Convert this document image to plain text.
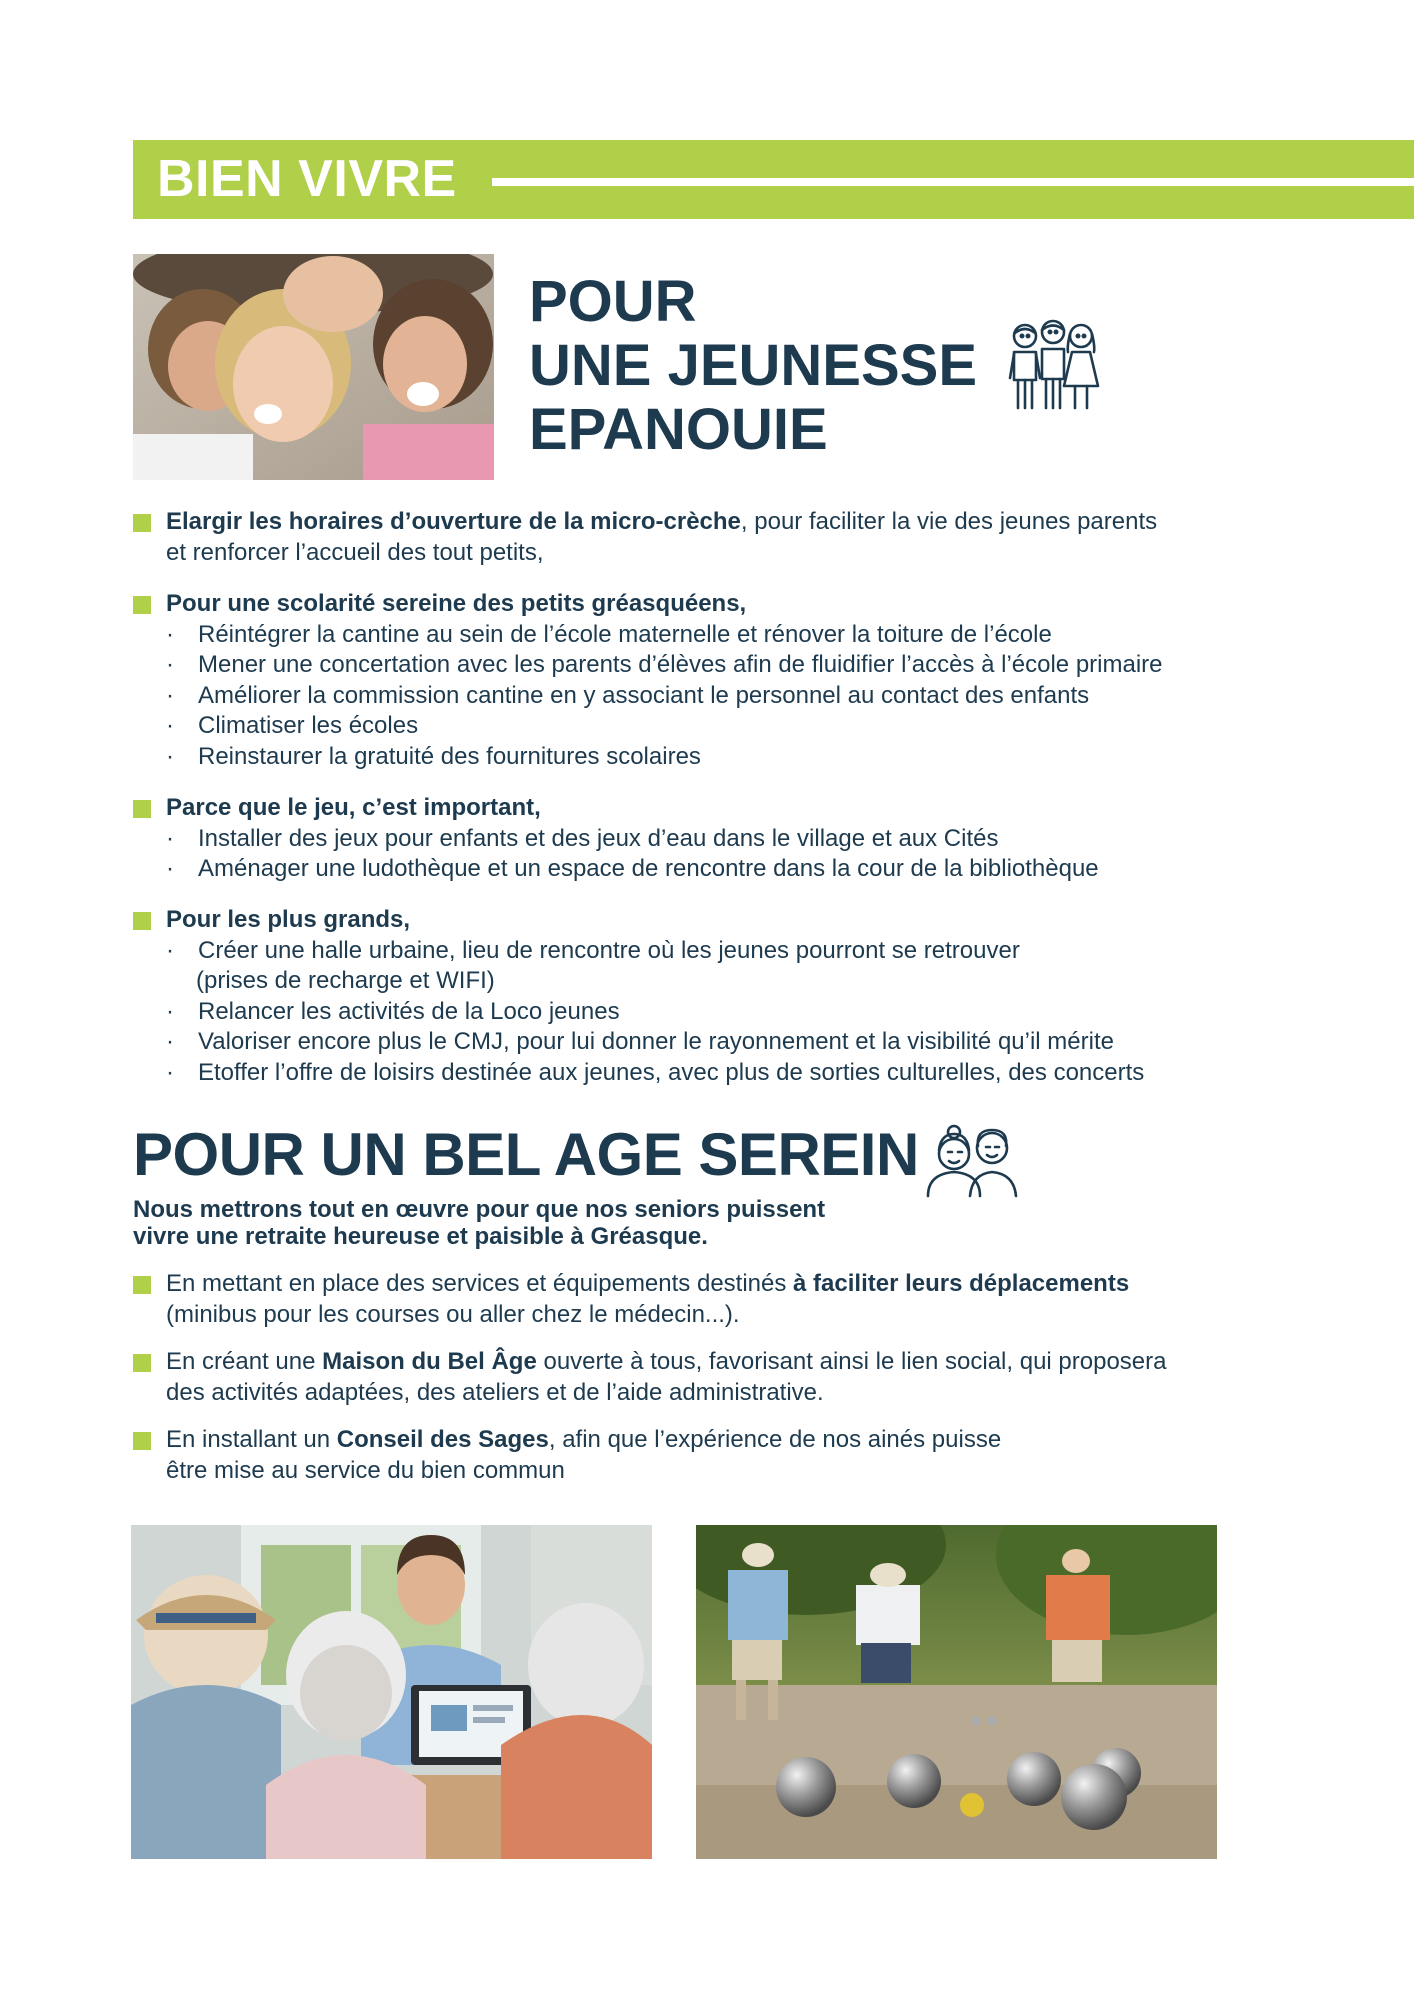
BIEN VIVRE
POUR
UNE JEUNESSE
EPANOUIE
Elargir les horaires d’ouverture de la micro-crèche, pour faciliter la vie des jeunes parents
et renforcer l’accueil des tout petits,
Pour une scolarité sereine des petits gréasquéens,
· Réintégrer la cantine au sein de l’école maternelle et rénover la toiture de l’école
· Mener une concertation avec les parents d’élèves afin de fluidifier l’accès à l’école primaire
· Améliorer la commission cantine en y associant le personnel au contact des enfants
· Climatiser les écoles
· Reinstaurer la gratuité des fournitures scolaires
Parce que le jeu, c’est important,
· Installer des jeux pour enfants et des jeux d’eau dans le village et aux Cités
· Aménager une ludothèque et un espace de rencontre dans la cour de la bibliothèque
Pour les plus grands,
· Créer une halle urbaine, lieu de rencontre où les jeunes pourront se retrouver
(prises de recharge et WIFI)
· Relancer les activités de la Loco jeunes
· Valoriser encore plus le CMJ, pour lui donner le rayonnement et la visibilité qu’il mérite
· Etoffer l’offre de loisirs destinée aux jeunes, avec plus de sorties culturelles, des concerts
POUR UN BEL AGE SEREIN
Nous mettrons tout en œuvre pour que nos seniors puissent
vivre une retraite heureuse et paisible à Gréasque.
En mettant en place des services et équipements destinés à faciliter leurs déplacements
(minibus pour les courses ou aller chez le médecin...).
En créant une Maison du Bel Âge ouverte à tous, favorisant ainsi le lien social, qui proposera
des activités adaptées, des ateliers et de l’aide administrative.
En installant un Conseil des Sages, afin que l’expérience de nos ainés puisse
être mise au service du bien commun
